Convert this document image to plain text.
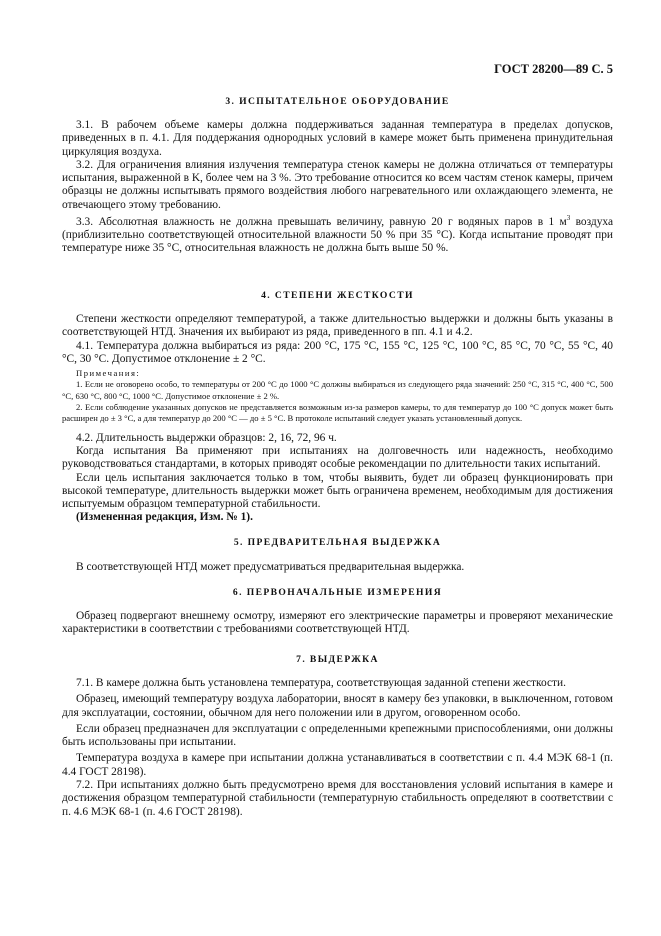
ГОСТ 28200—89 С. 5

3. ИСПЫТАТЕЛЬНОЕ ОБОРУДОВАНИЕ

3.1. В рабочем объеме камеры должна поддерживаться заданная температура в пределах допусков, приведенных в п. 4.1. Для поддержания однородных условий в камере может быть применена принудительная циркуляция воздуха.

3.2. Для ограничения влияния излучения температура стенок камеры не должна отличаться от температуры испытания, выраженной в K, более чем на 3 %. Это требование относится ко всем частям стенок камеры, причем образцы не должны испытывать прямого воздействия любого нагревательного или охлаждающего элемента, не отвечающего этому требованию.

3.3. Абсолютная влажность не должна превышать величину, равную 20 г водяных паров в 1 $м^3$ воздуха (приблизительно соответствующей относительной влажности 50 % при 35 °С). Когда испытание проводят при температуре ниже 35 °С, относительная влажность не должна быть выше 50 %.

4. СТЕПЕНИ ЖЕСТКОСТИ

Степени жесткости определяют температурой, а также длительностью выдержки и должны быть указаны в соответствующей НТД. Значения их выбирают из ряда, приведенного в пп. 4.1 и 4.2.

4.1. Температура должна выбираться из ряда: 200 °С, 175 °С, 155 °С, 125 °С, 100 °С, 85 °С, 70 °С, 55 °С, 40 °С, 30 °С. Допустимое отклонение ± 2 °С.

Примечания:

1. Если не оговорено особо, то температуры от 200 °С до 1000 °С должны выбираться из следующего ряда значений: 250 °С, 315 °С, 400 °С, 500 °С, 630 °С, 800 °С, 1000 °С. Допустимое отклонение ± 2 %.

2. Если соблюдение указанных допусков не представляется возможным из-за размеров камеры, то для температур до 100 °С допуск может быть расширен до ± 3 °С, а для температур до 200 °С — до ± 5 °С. В протоколе испытаний следует указать установленный допуск.

4.2. Длительность выдержки образцов: 2, 16, 72, 96 ч.

Когда испытания Ва применяют при испытаниях на долговечность или надежность, необходимо руководствоваться стандартами, в которых приводят особые рекомендации по длительности таких испытаний.

Если цель испытания заключается только в том, чтобы выявить, будет ли образец функционировать при высокой температуре, длительность выдержки может быть ограничена временем, необходимым для достижения испытуемым образцом температурной стабильности.

(Измененная редакция, Изм. № 1).

5. ПРЕДВАРИТЕЛЬНАЯ ВЫДЕРЖКА

В соответствующей НТД может предусматриваться предварительная выдержка.

6. ПЕРВОНАЧАЛЬНЫЕ ИЗМЕРЕНИЯ

Образец подвергают внешнему осмотру, измеряют его электрические параметры и проверяют механические характеристики в соответствии с требованиями соответствующей НТД.

7. ВЫДЕРЖКА

7.1. В камере должна быть установлена температура, соответствующая заданной степени жесткости.

Образец, имеющий температуру воздуха лаборатории, вносят в камеру без упаковки, в выключенном, готовом для эксплуатации, состоянии, обычном для него положении или в другом, оговоренном особо.

Если образец предназначен для эксплуатации с определенными крепежными приспособлениями, они должны быть использованы при испытании.

Температура воздуха в камере при испытании должна устанавливаться в соответствии с п. 4.4 МЭК 68-1 (п. 4.4 ГОСТ 28198).

7.2. При испытаниях должно быть предусмотрено время для восстановления условий испытания в камере и достижения образцом температурной стабильности (температурную стабильность определяют в соответствии с п. 4.6 МЭК 68-1 (п. 4.6 ГОСТ 28198).
